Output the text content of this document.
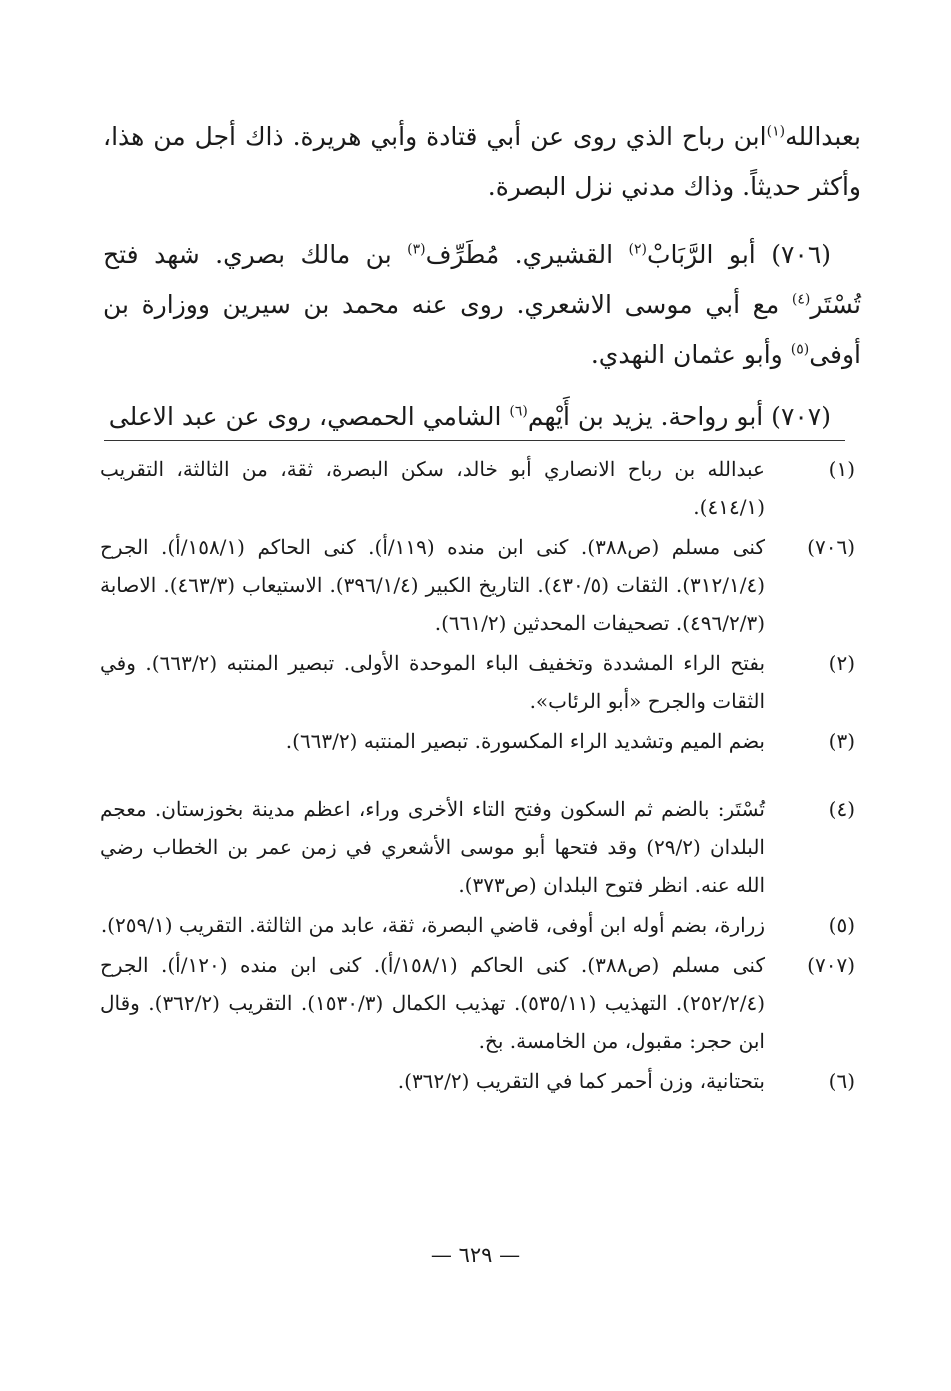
بعبدالله$^{(١)}$ابن رباح الذي روى عن أبي قتادة وأبي هريرة. ذاك أجل من هذا، وأكثر حديثاً. وذاك مدني نزل البصرة.

(٧٠٦) أبو الرَّبَابْ$^{(٢)}$ القشيري. مُطَرِّف$^{(٣)}$ بن مالك بصري. شهد فتح تُسْتَر$^{(٤)}$ مع أبي موسى الاشعري. روى عنه محمد بن سيرين ووزارة بن أوفى$^{(٥)}$ وأبو عثمان النهدي.

(٧٠٧) أبو رواحة. يزيد بن أَيْهم$^{(٦)}$ الشامي الحمصي، روى عن عبد الاعلى

(١)
عبدالله بن رباح الانصاري أبو خالد، سكن البصرة، ثقة، من الثالثة، التقريب (٤١٤/١).
(٧٠٦)
كنى مسلم (ص٣٨٨). كنى ابن منده (١١٩/أ). كنى الحاكم (١٥٨/١/أ). الجرح (٣١٢/١/٤). الثقات (٤٣٠/٥). التاريخ الكبير (٣٩٦/١/٤). الاستيعاب (٤٦٣/٣). الاصابة (٤٩٦/٢/٣). تصحيفات المحدثين (٦٦١/٢).
(٢)
بفتح الراء المشددة وتخفيف الباء الموحدة الأولى. تبصير المنتبه (٦٦٣/٢). وفي الثقات والجرح «أبو الرئاب».
(٣)
بضم الميم وتشديد الراء المكسورة. تبصير المنتبه (٦٦٣/٢).
(٤)
تُسْتَر: بالضم ثم السكون وفتح التاء الأخرى وراء، اعظم مدينة بخوزستان. معجم البلدان (٢٩/٢) وقد فتحها أبو موسى الأشعري في زمن عمر بن الخطاب رضي الله عنه. انظر فتوح البلدان (ص٣٧٣).
(٥)
زرارة، بضم أوله ابن أوفى، قاضي البصرة، ثقة، عابد من الثالثة. التقريب (٢٥٩/١).
(٧٠٧)
كنى مسلم (ص٣٨٨). كنى الحاكم (١٥٨/١/أ). كنى ابن منده (١٢٠/أ). الجرح (٢٥٢/٢/٤). التهذيب (٥٣٥/١١). تهذيب الكمال (١٥٣٠/٣). التقريب (٣٦٢/٢). وقال ابن حجر: مقبول، من الخامسة. بخ.
(٦)
بتحتانية، وزن أحمر كما في التقريب (٣٦٢/٢).
— ٦٢٩ —
